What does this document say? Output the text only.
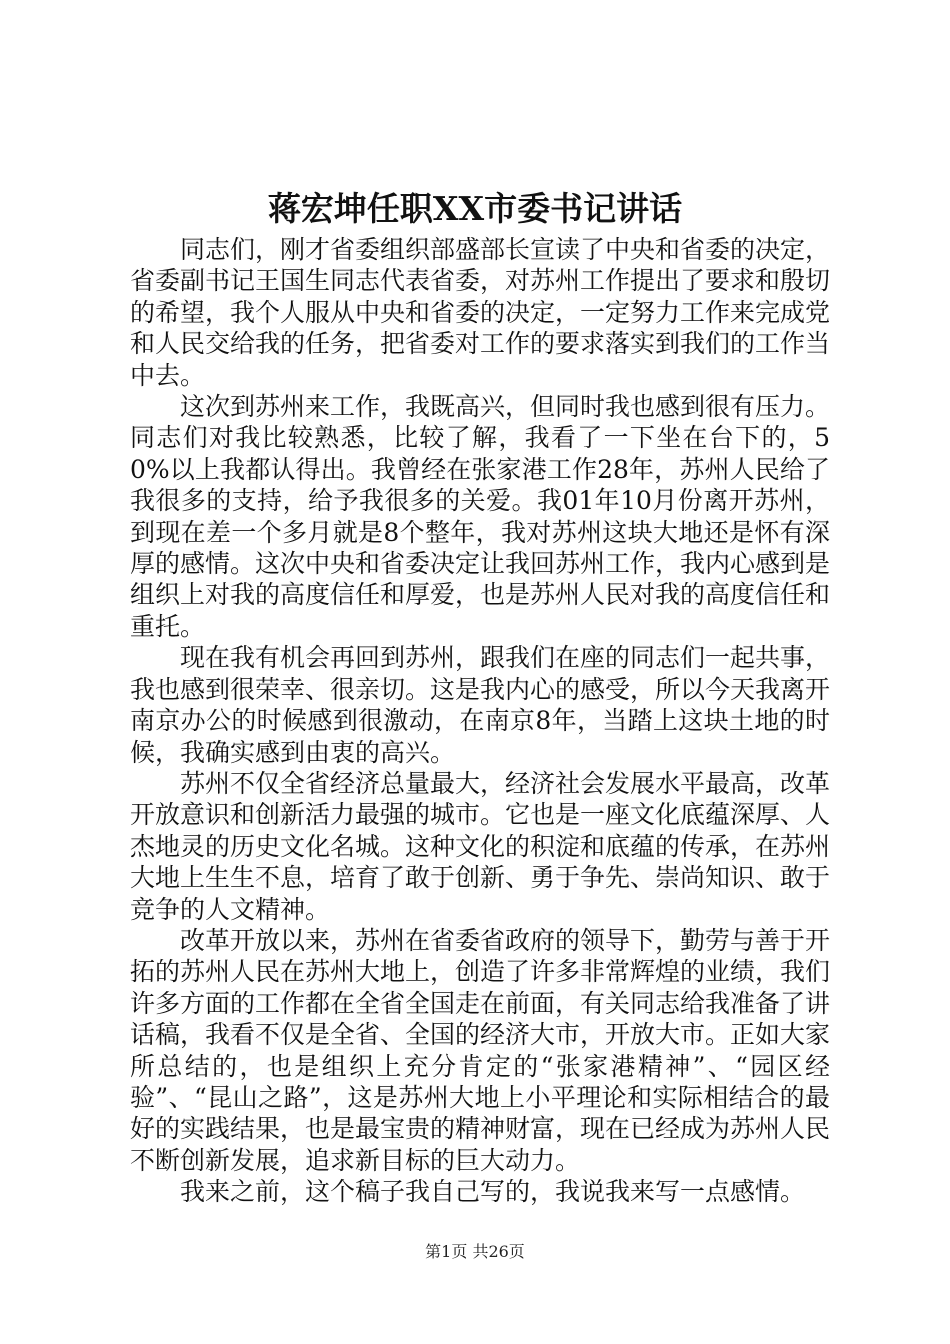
蒋宏坤任职XX市委书记讲话

同志们，刚才省委组织部盛部长宣读了中央和省委的决定，省委副书记王国生同志代表省委，对苏州工作提出了要求和殷切的希望，我个人服从中央和省委的决定，一定努力工作来完成党和人民交给我的任务，把省委对工作的要求落实到我们的工作当中去。

这次到苏州来工作，我既高兴，但同时我也感到很有压力。同志们对我比较熟悉，比较了解，我看了一下坐在台下的，50%以上我都认得出。我曾经在张家港工作28年，苏州人民给了我很多的支持，给予我很多的关爱。我01年10月份离开苏州，到现在差一个多月就是8个整年，我对苏州这块大地还是怀有深厚的感情。这次中央和省委决定让我回苏州工作，我内心感到是组织上对我的高度信任和厚爱，也是苏州人民对我的高度信任和重托。

现在我有机会再回到苏州，跟我们在座的同志们一起共事，我也感到很荣幸、很亲切。这是我内心的感受，所以今天我离开南京办公的时候感到很激动，在南京8年，当踏上这块土地的时候，我确实感到由衷的高兴。

苏州不仅全省经济总量最大，经济社会发展水平最高，改革开放意识和创新活力最强的城市。它也是一座文化底蕴深厚、人杰地灵的历史文化名城。这种文化的积淀和底蕴的传承，在苏州大地上生生不息，培育了敢于创新、勇于争先、崇尚知识、敢于竞争的人文精神。

改革开放以来，苏州在省委省政府的领导下，勤劳与善于开拓的苏州人民在苏州大地上，创造了许多非常辉煌的业绩，我们许多方面的工作都在全省全国走在前面，有关同志给我准备了讲话稿，我看不仅是全省、全国的经济大市，开放大市。正如大家所总结的，也是组织上充分肯定的“张家港精神”、“园区经验”、“昆山之路”，这是苏州大地上小平理论和实际相结合的最好的实践结果，也是最宝贵的精神财富，现在已经成为苏州人民不断创新发展，追求新目标的巨大动力。

我来之前，这个稿子我自己写的，我说我来写一点感情。

第1页 共26页
